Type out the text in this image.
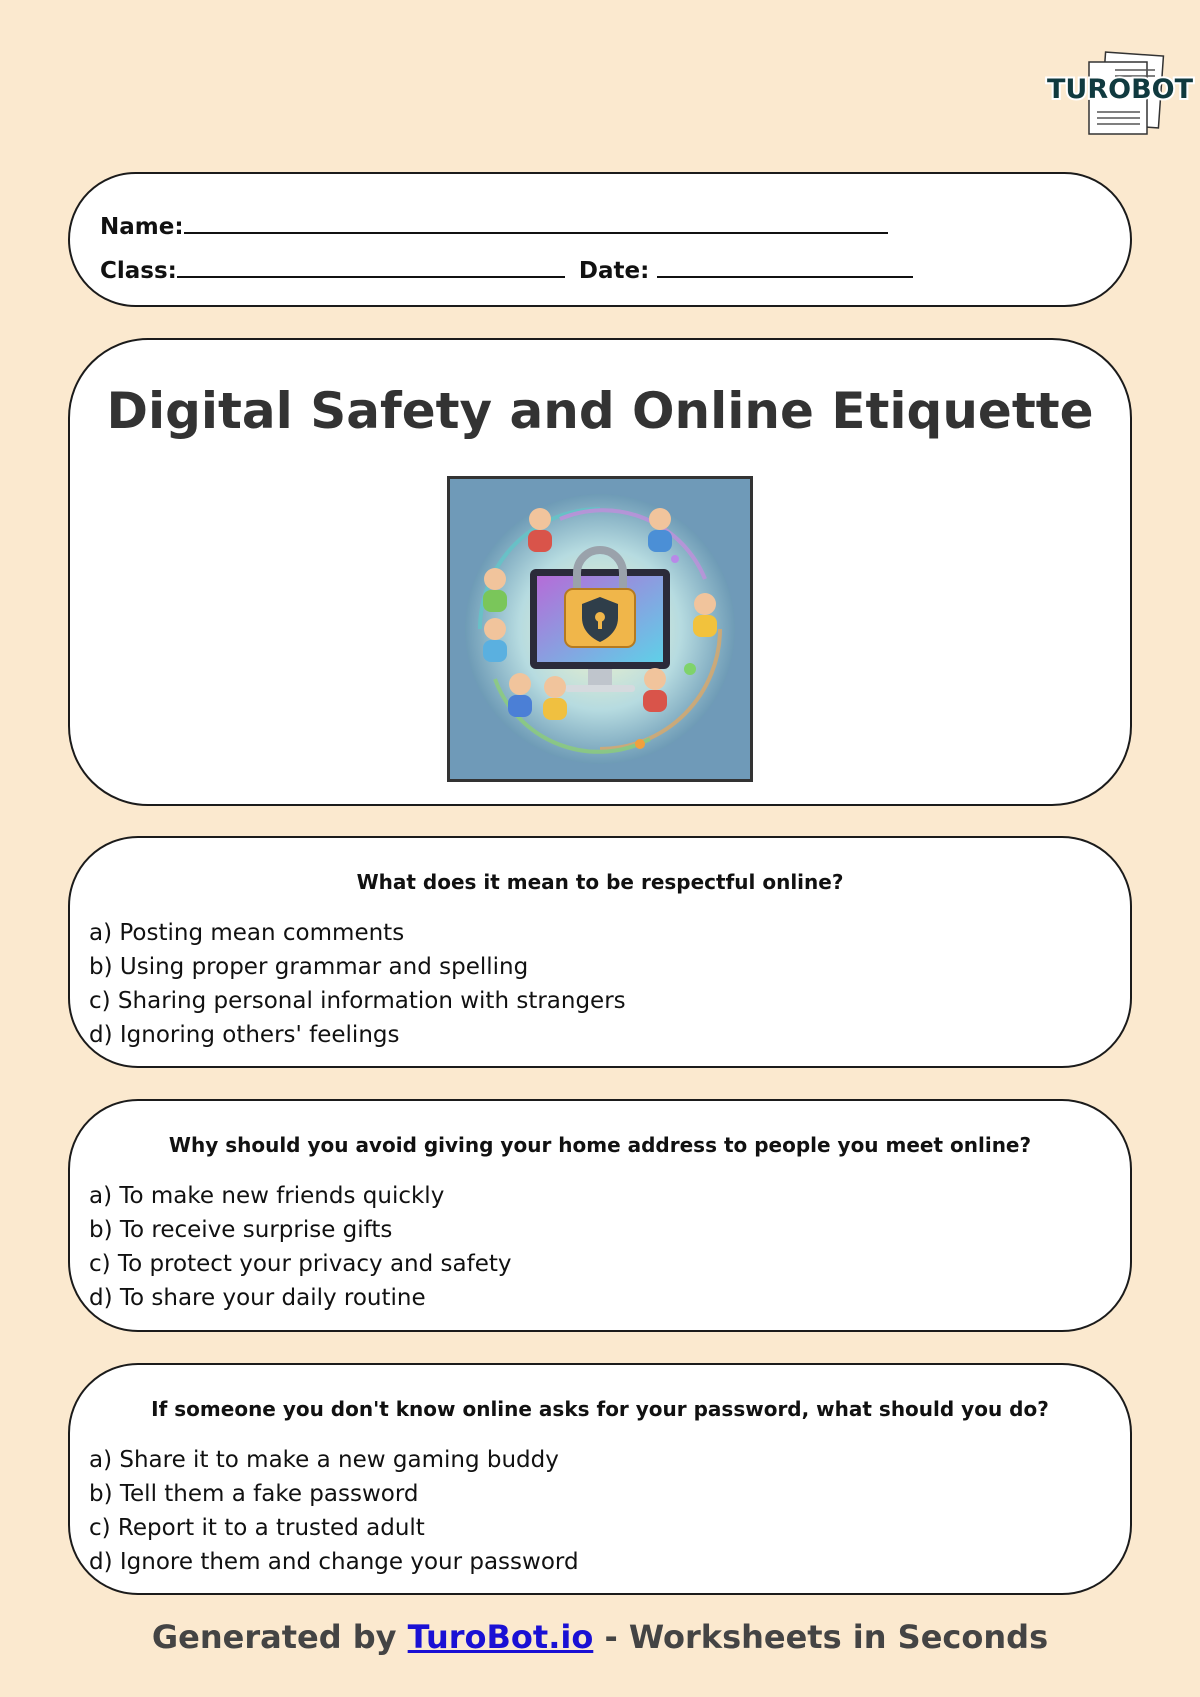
TUROBOT
Name:
Class:	Date:
Digital Safety and Online Etiquette
What does it mean to be respectful online?
a) Posting mean comments
b) Using proper grammar and spelling
c) Sharing personal information with strangers
d) Ignoring others' feelings
Why should you avoid giving your home address to people you meet online?
a) To make new friends quickly
b) To receive surprise gifts
c) To protect your privacy and safety
d) To share your daily routine
If someone you don't know online asks for your password, what should you do?
a) Share it to make a new gaming buddy
b) Tell them a fake password
c) Report it to a trusted adult
d) Ignore them and change your password
Generated by TuroBot.io - Worksheets in Seconds
